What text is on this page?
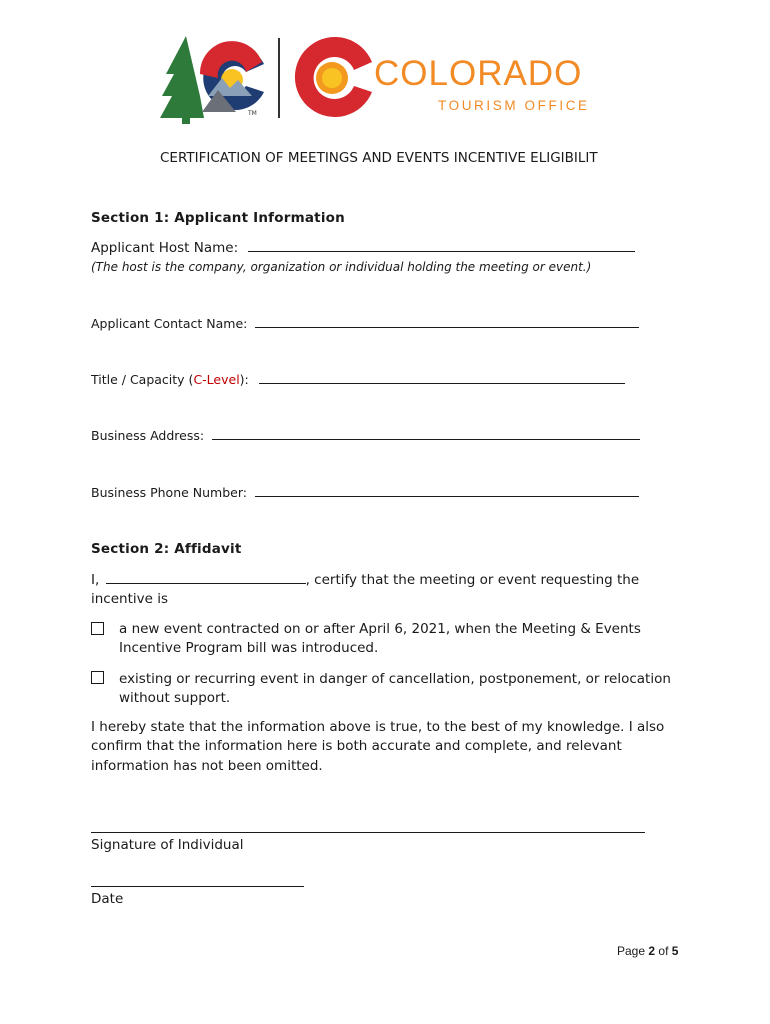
TM
COLORADO
TOURISM OFFICE
CERTIFICATION OF MEETINGS AND EVENTS INCENTIVE ELIGIBILIT
Section 1: Applicant Information
Applicant Host Name:
(The host is the company, organization or individual holding the meeting or event.)
Applicant Contact Name:
Title / Capacity (C-Level):
Business Address:
Business Phone Number:
Section 2: Affidavit
I,	, certify that the meeting or event requesting the
incentive is
a new event contracted on or after April 6, 2021, when the Meeting & Events
Incentive Program bill was introduced.
existing or recurring event in danger of cancellation, postponement, or relocation
without support.
I hereby state that the information above is true, to the best of my knowledge. I also
confirm that the information here is both accurate and complete, and relevant
information has not been omitted.
Signature of Individual
Date
Page 2 of 5
